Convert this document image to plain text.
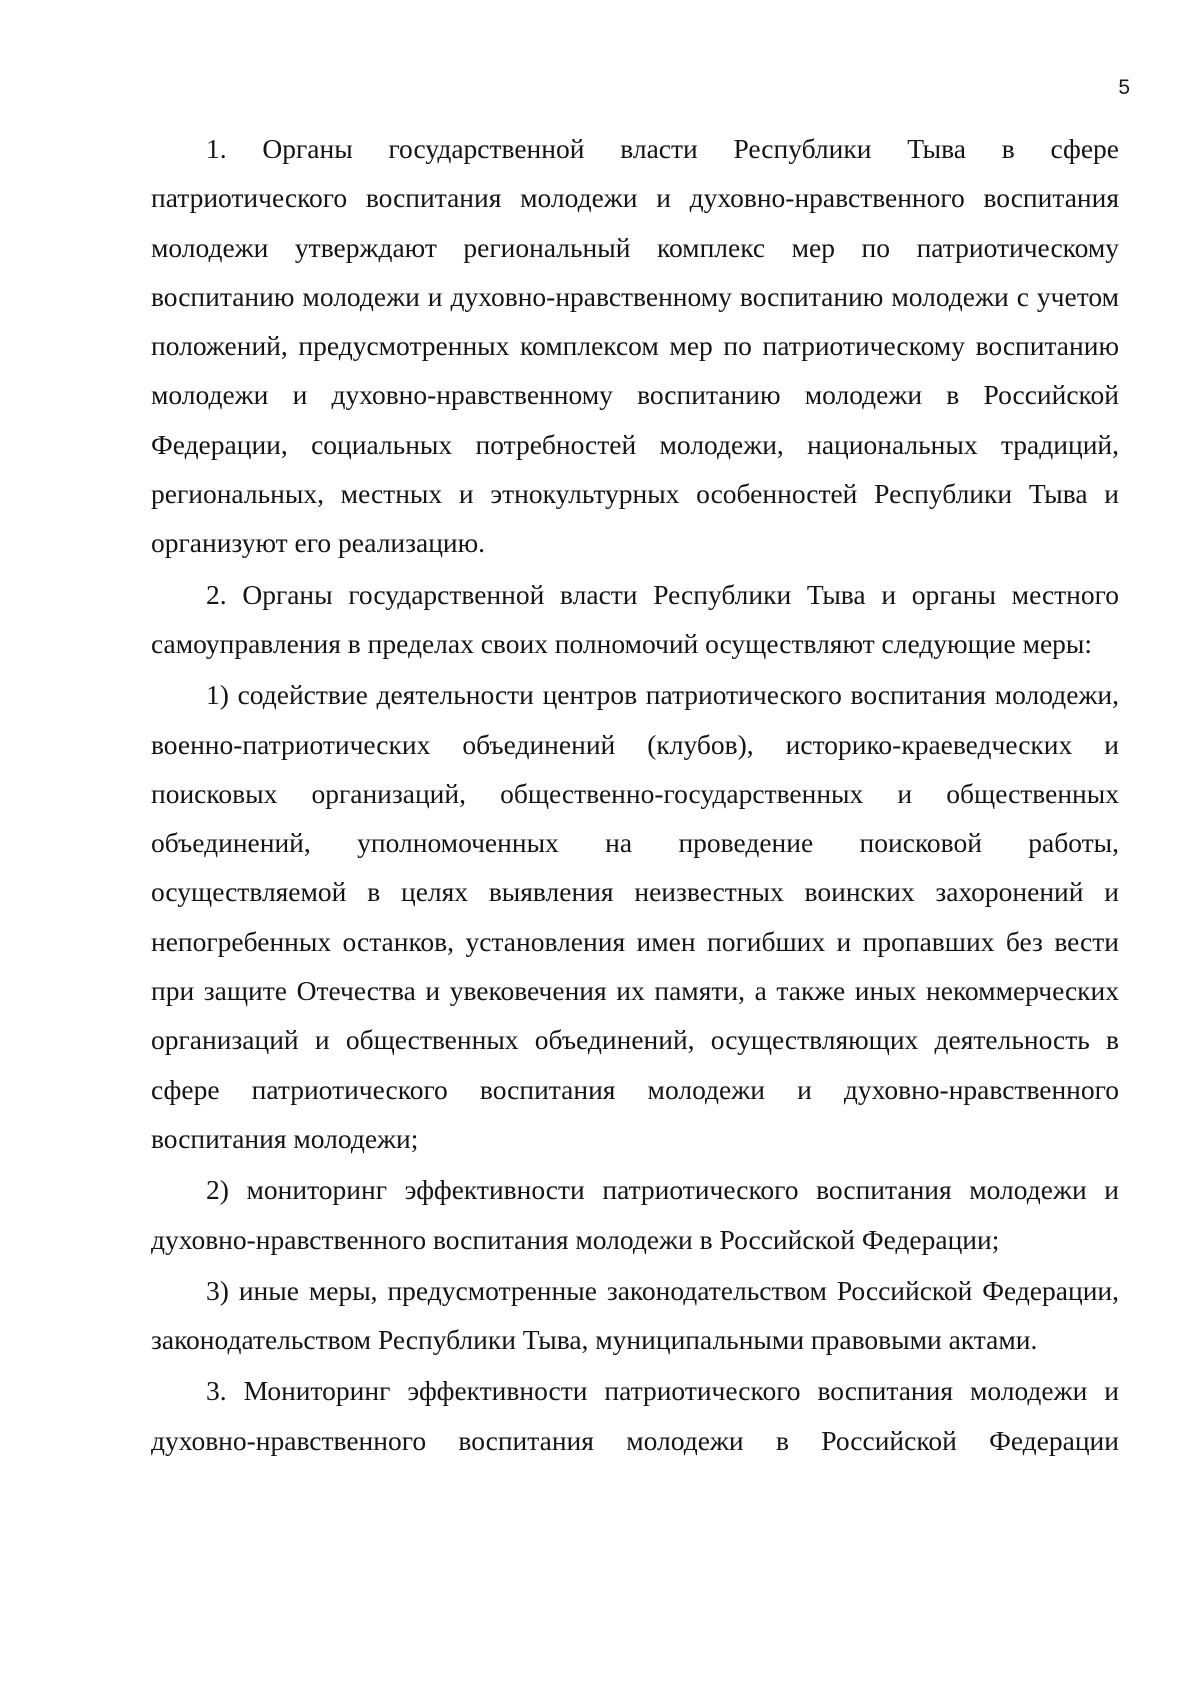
5

1. Органы государственной власти Республики Тыва в сфере патриотического воспитания молодежи и духовно-нравственного воспитания молодежи утверждают региональный комплекс мер по патриотическому воспитанию молодежи и духовно-нравственному воспитанию молодежи с учетом положений, предусмотренных комплексом мер по патриотическому воспитанию молодежи и духовно-нравственному воспитанию молодежи в Российской Федерации, социальных потребностей молодежи, национальных традиций, региональных, местных и этнокультурных особенностей Республики Тыва и организуют его реализацию.

2. Органы государственной власти Республики Тыва и органы местного самоуправления в пределах своих полномочий осуществляют следующие меры:

1) содействие деятельности центров патриотического воспитания молодежи, военно-патриотических объединений (клубов), историко-краеведческих и поисковых организаций, общественно-государственных и общественных объединений, уполномоченных на проведение поисковой работы, осуществляемой в целях выявления неизвестных воинских захоронений и непогребенных останков, установления имен погибших и пропавших без вести при защите Отечества и увековечения их памяти, а также иных некоммерческих организаций и общественных объединений, осуществляющих деятельность в сфере патриотического воспитания молодежи и духовно-нравственного воспитания молодежи;

2) мониторинг эффективности патриотического воспитания молодежи и духовно-нравственного воспитания молодежи в Российской Федерации;

3) иные меры, предусмотренные законодательством Российской Федерации, законодательством Республики Тыва, муниципальными правовыми актами.

3. Мониторинг эффективности патриотического воспитания молодежи и духовно-нравственного воспитания молодежи в Российской Федерации
